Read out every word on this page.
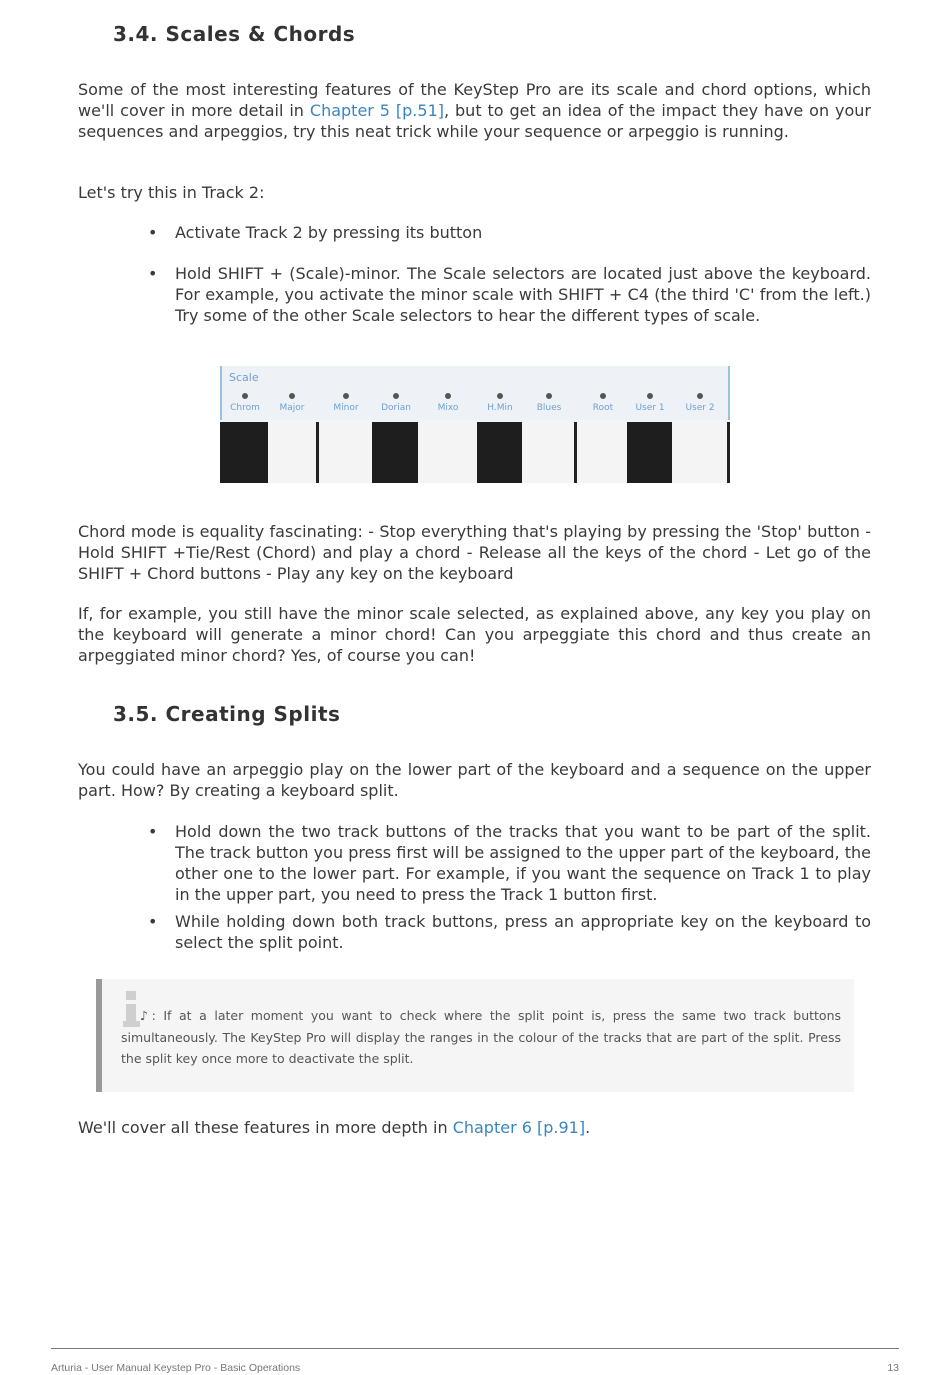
3.4. Scales & Chords

Some of the most interesting features of the KeyStep Pro are its scale and chord options, which we'll cover in more detail in Chapter 5 [p.51], but to get an idea of the impact they have on your sequences and arpeggios, try this neat trick while your sequence or arpeggio is running.

Let's try this in Track 2:

• Activate Track 2 by pressing its button

• Hold SHIFT + (Scale)-minor. The Scale selectors are located just above the keyboard. For example, you activate the minor scale with SHIFT + C4 (the third 'C' from the left.) Try some of the other Scale selectors to hear the different types of scale.

Scale
Chrom Major	Minor Dorian	Mixo	H.Min	Blues	Root User 1 User 2

Chord mode is equality fascinating: - Stop everything that's playing by pressing the 'Stop' button - Hold SHIFT +Tie/Rest (Chord) and play a chord - Release all the keys of the chord - Let go of the SHIFT + Chord buttons - Play any key on the keyboard

If, for example, you still have the minor scale selected, as explained above, any key you play on the keyboard will generate a minor chord! Can you arpeggiate this chord and thus create an arpeggiated minor chord? Yes, of course you can!

3.5. Creating Splits

You could have an arpeggio play on the lower part of the keyboard and a sequence on the upper part. How? By creating a keyboard split.

• Hold down the two track buttons of the tracks that you want to be part of the split. The track button you press first will be assigned to the upper part of the keyboard, the other one to the lower part. For example, if you want the sequence on Track 1 to play in the upper part, you need to press the Track 1 button first.

• While holding down both track buttons, press an appropriate key on the keyboard to select the split point.

♪: If at a later moment you want to check where the split point is, press the same two track buttons simultaneously. The KeyStep Pro will display the ranges in the colour of the tracks that are part of the split. Press the split key once more to deactivate the split.

We'll cover all these features in more depth in Chapter 6 [p.91].

Arturia - User Manual Keystep Pro - Basic Operations	13
